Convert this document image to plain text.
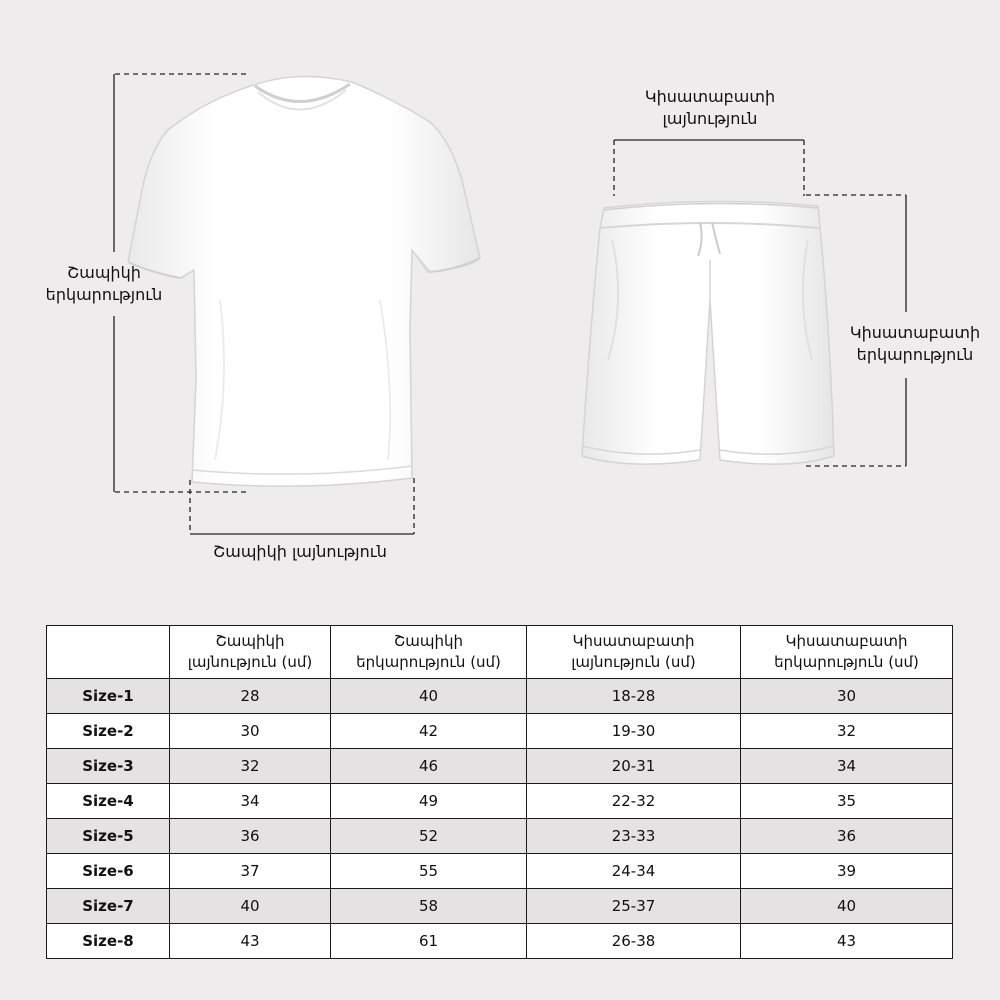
Շապիկի
երկարություն
Շապիկի լայնություն
Կիսատաբատի
լայնություն
Կիսատաբատի
երկարություն
	Շապիկի
լայնություն (սմ)	Շապիկի
երկարություն (սմ)	Կիսատաբատի
լայնություն (սմ)	Կիսատաբատի
երկարություն (սմ)
Size-1	28	40	18-28	30
Size-2	30	42	19-30	32
Size-3	32	46	20-31	34
Size-4	34	49	22-32	35
Size-5	36	52	23-33	36
Size-6	37	55	24-34	39
Size-7	40	58	25-37	40
Size-8	43	61	26-38	43
